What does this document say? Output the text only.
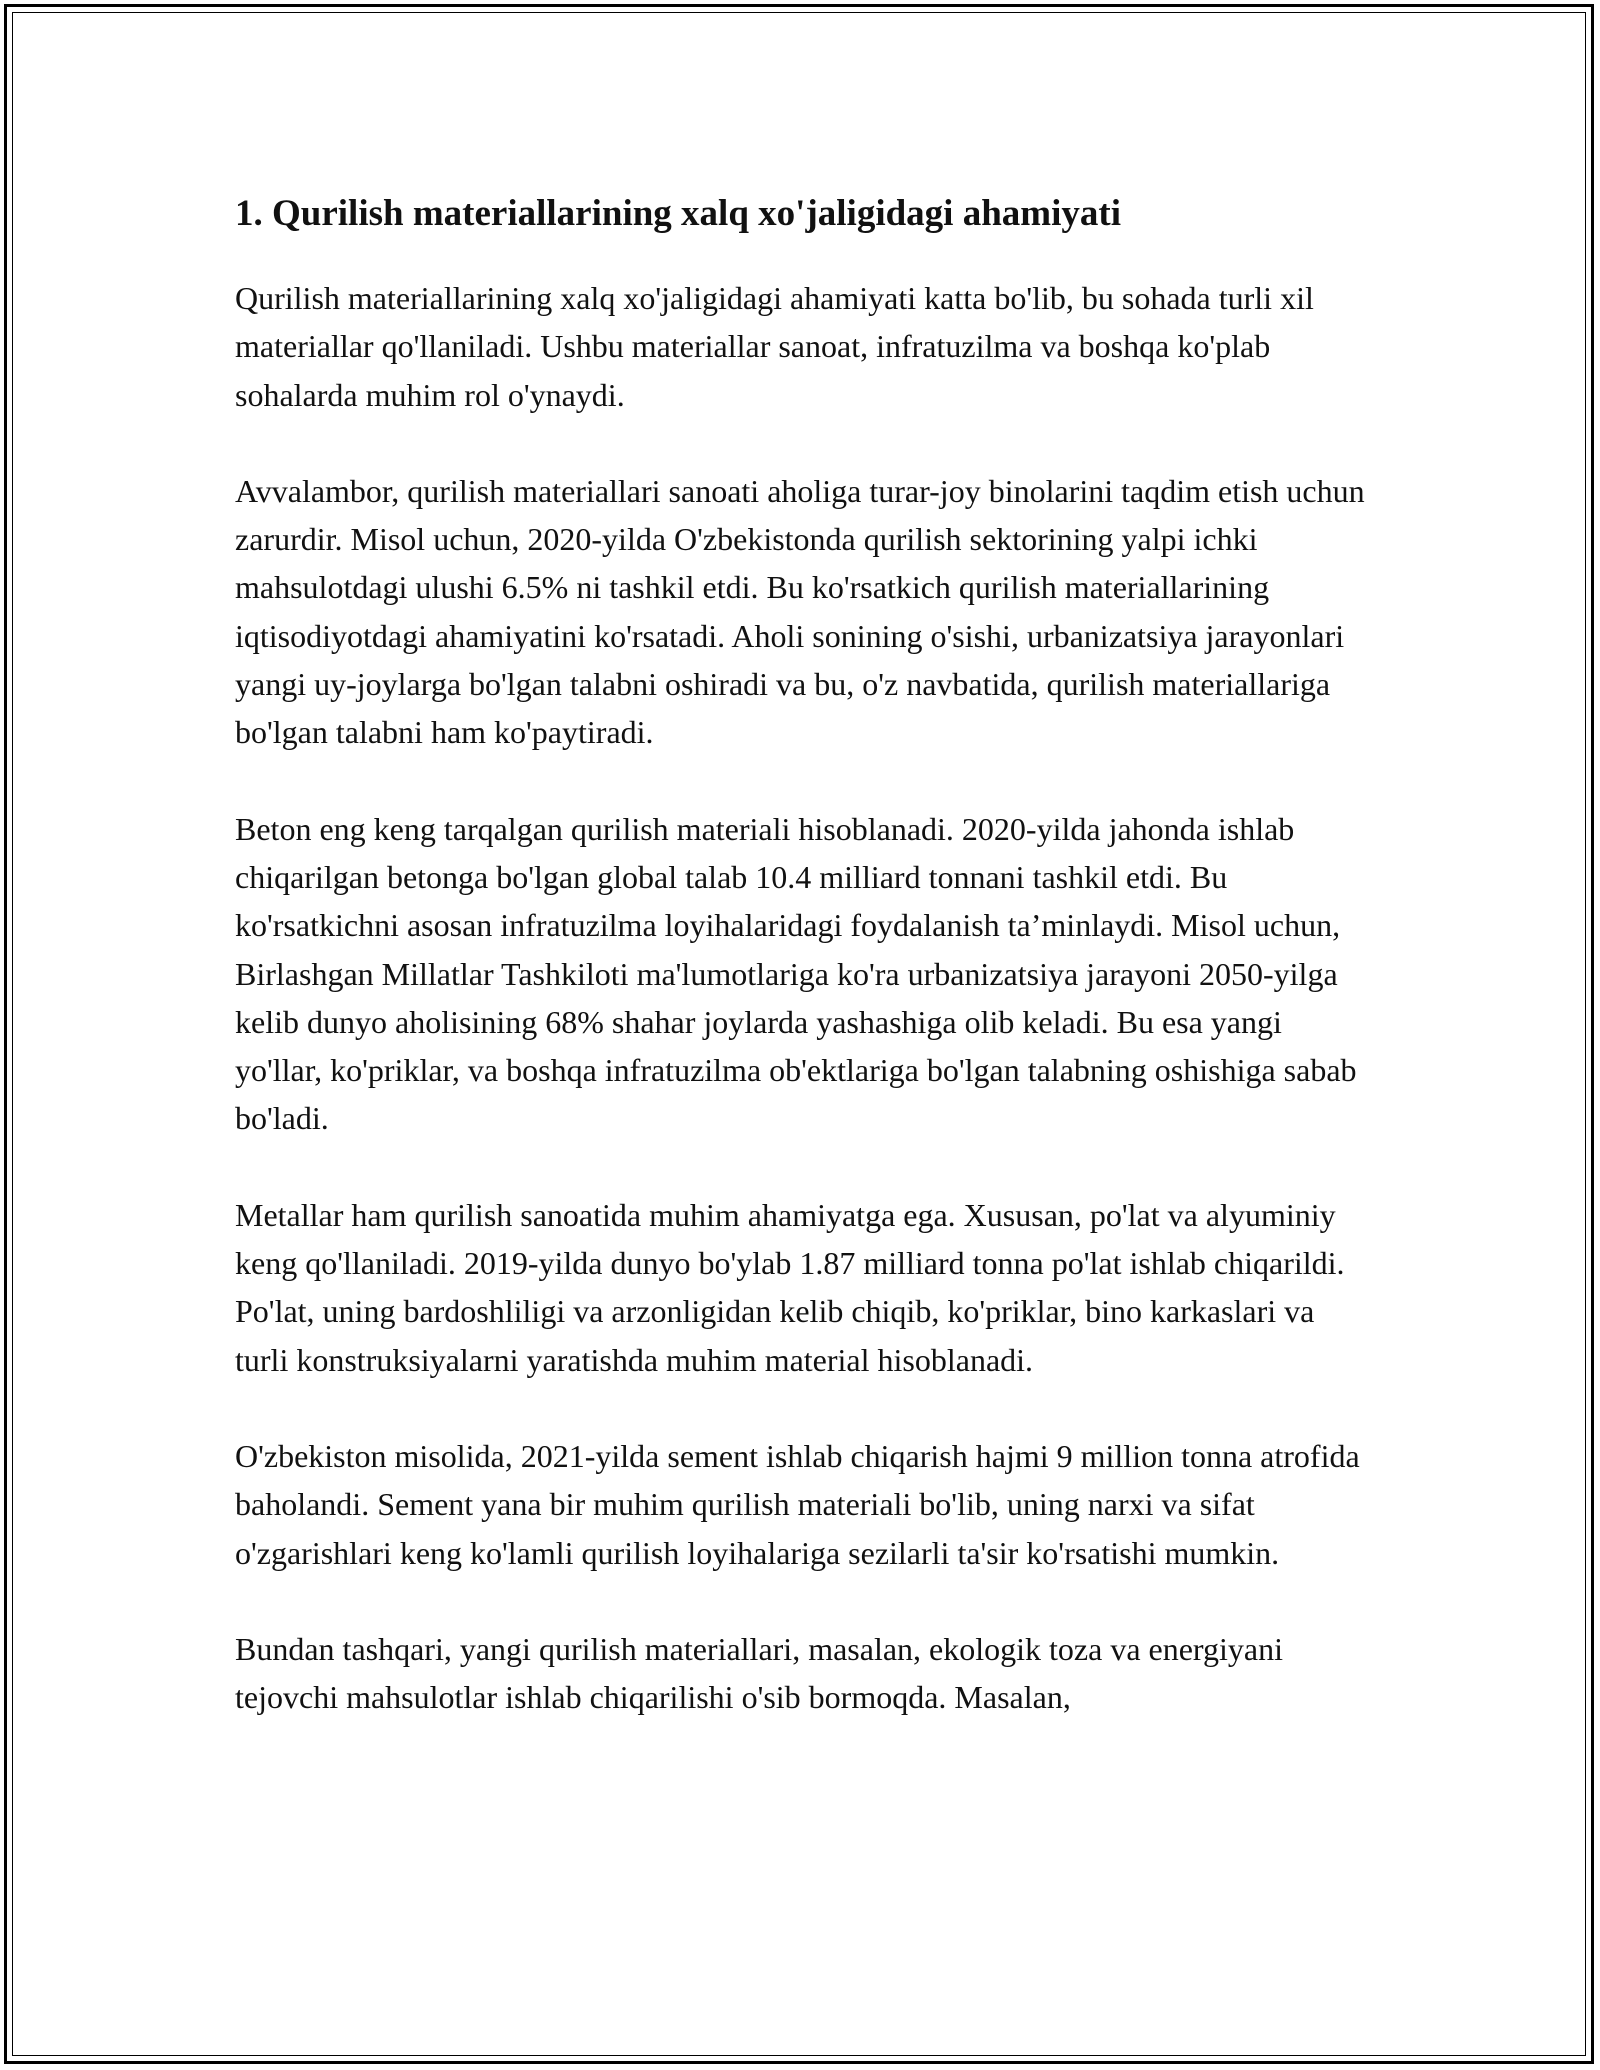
1. Qurilish materiallarining xalq xo'jaligidagi ahamiyati

Qurilish materiallarining xalq xo'jaligidagi ahamiyati katta bo'lib, bu sohada turli xil materiallar qo'llaniladi. Ushbu materiallar sanoat, infratuzilma va boshqa ko'plab sohalarda muhim rol o'ynaydi.

Avvalambor, qurilish materiallari sanoati aholiga turar-joy binolarini taqdim etish uchun zarurdir. Misol uchun, 2020-yilda O'zbekistonda qurilish sektorining yalpi ichki mahsulotdagi ulushi 6.5% ni tashkil etdi. Bu ko'rsatkich qurilish materiallarining iqtisodiyotdagi ahamiyatini ko'rsatadi. Aholi sonining o'sishi, urbanizatsiya jarayonlari yangi uy-joylarga bo'lgan talabni oshiradi va bu, o'z navbatida, qurilish materiallariga bo'lgan talabni ham ko'paytiradi.

Beton eng keng tarqalgan qurilish materiali hisoblanadi. 2020-yilda jahonda ishlab chiqarilgan betonga bo'lgan global talab 10.4 milliard tonnani tashkil etdi. Bu ko'rsatkichni asosan infratuzilma loyihalaridagi foydalanish ta’minlaydi. Misol uchun, Birlashgan Millatlar Tashkiloti ma'lumotlariga ko'ra urbanizatsiya jarayoni 2050-yilga kelib dunyo aholisining 68% shahar joylarda yashashiga olib keladi. Bu esa yangi yo'llar, ko'priklar, va boshqa infratuzilma ob'ektlariga bo'lgan talabning oshishiga sabab bo'ladi.

Metallar ham qurilish sanoatida muhim ahamiyatga ega. Xususan, po'lat va alyuminiy keng qo'llaniladi. 2019-yilda dunyo bo'ylab 1.87 milliard tonna po'lat ishlab chiqarildi. Po'lat, uning bardoshliligi va arzonligidan kelib chiqib, ko'priklar, bino karkaslari va turli konstruksiyalarni yaratishda muhim material hisoblanadi.

O'zbekiston misolida, 2021-yilda sement ishlab chiqarish hajmi 9 million tonna atrofida baholandi. Sement yana bir muhim qurilish materiali bo'lib, uning narxi va sifat o'zgarishlari keng ko'lamli qurilish loyihalariga sezilarli ta'sir ko'rsatishi mumkin.

Bundan tashqari, yangi qurilish materiallari, masalan, ekologik toza va energiyani tejovchi mahsulotlar ishlab chiqarilishi o'sib bormoqda. Masalan,
